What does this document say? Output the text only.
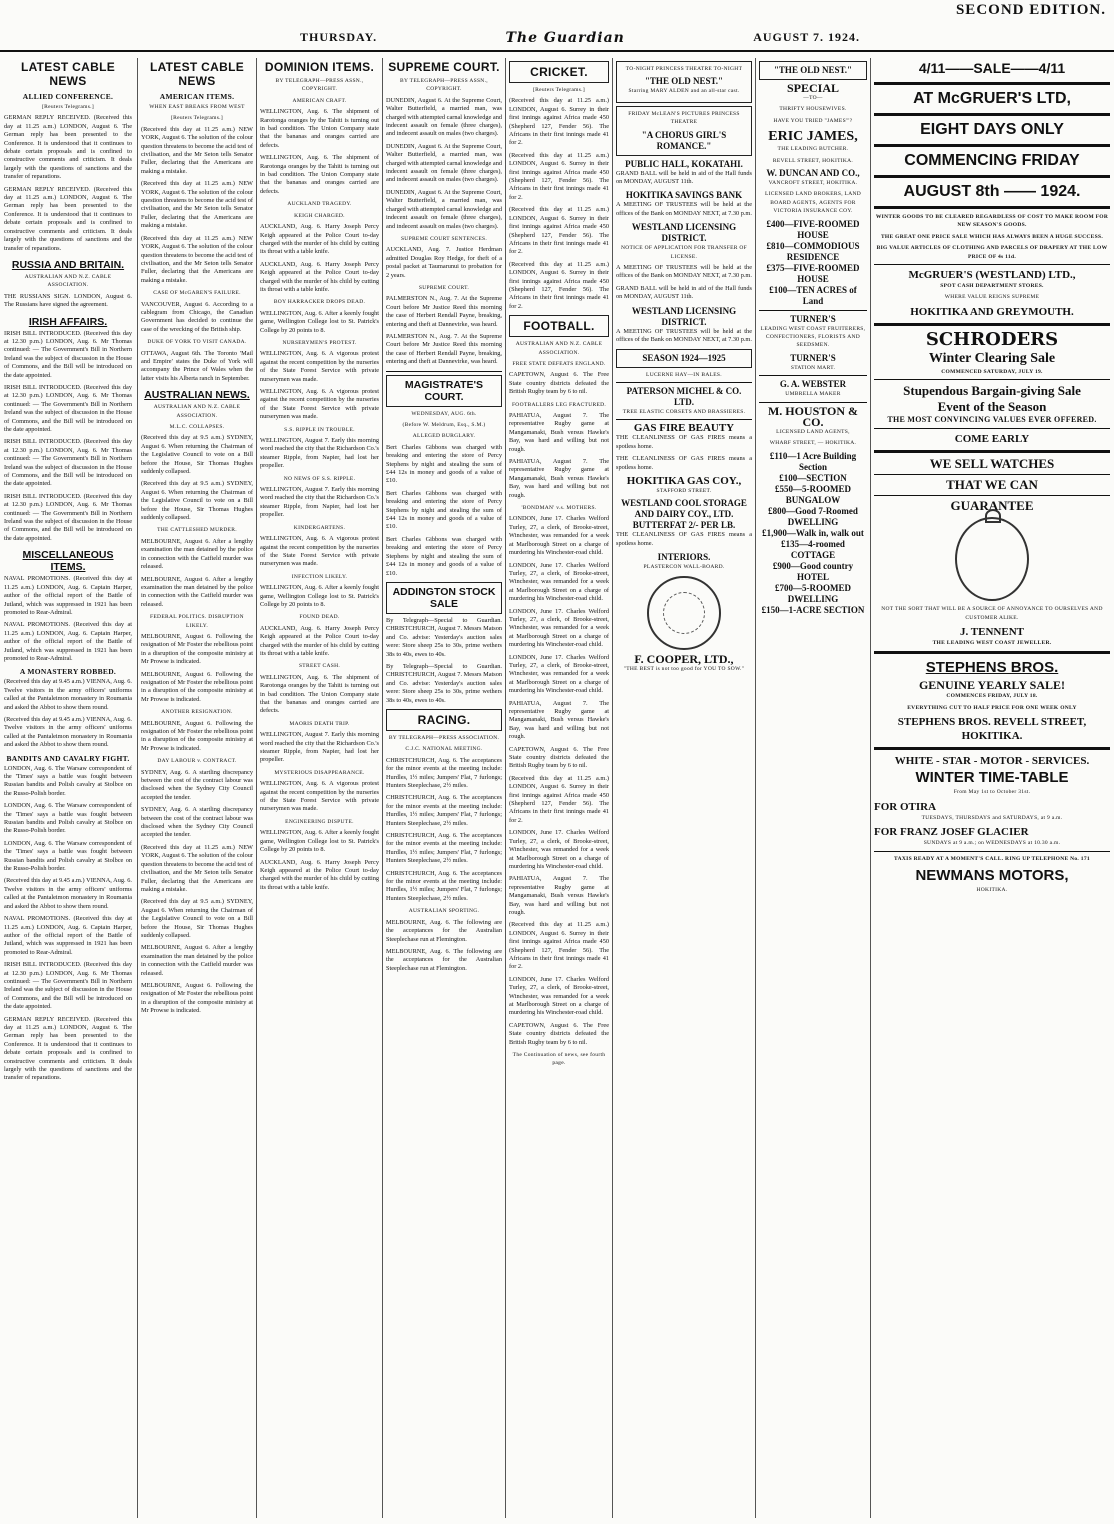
SECOND EDITION.
THURSDAY.	The Guardian	AUGUST 7. 1924.
LATEST CABLE NEWS
ALLIED CONFERENCE.
[Reuters Telegrams.]

GERMAN REPLY RECEIVED. (Received this day at 11.25 a.m.) LONDON, August 6. The German reply has been presented to the Conference. It is understood that it continues to debate certain proposals and is confined to constructive comments and criticism. It deals largely with the questions of sanctions and the transfer of reparations.

GERMAN REPLY RECEIVED. (Received this day at 11.25 a.m.) LONDON, August 6. The German reply has been presented to the Conference. It is understood that it continues to debate certain proposals and is confined to constructive comments and criticism. It deals largely with the questions of sanctions and the transfer of reparations.

RUSSIA AND BRITAIN.
AUSTRALIAN AND N.Z. CABLE ASSOCIATION.

THE RUSSIANS SIGN. LONDON, August 6. The Russians have signed the agreement.

IRISH AFFAIRS.

IRISH BILL INTRODUCED. (Received this day at 12.30 p.m.) LONDON, Aug. 6. Mr Thomas continued: — The Government's Bill in Northern Ireland was the subject of discussion in the House of Commons, and the Bill will be introduced on the date appointed.

IRISH BILL INTRODUCED. (Received this day at 12.30 p.m.) LONDON, Aug. 6. Mr Thomas continued: — The Government's Bill in Northern Ireland was the subject of discussion in the House of Commons, and the Bill will be introduced on the date appointed.

IRISH BILL INTRODUCED. (Received this day at 12.30 p.m.) LONDON, Aug. 6. Mr Thomas continued: — The Government's Bill in Northern Ireland was the subject of discussion in the House of Commons, and the Bill will be introduced on the date appointed.

IRISH BILL INTRODUCED. (Received this day at 12.30 p.m.) LONDON, Aug. 6. Mr Thomas continued: — The Government's Bill in Northern Ireland was the subject of discussion in the House of Commons, and the Bill will be introduced on the date appointed.

MISCELLANEOUS ITEMS.

NAVAL PROMOTIONS. (Received this day at 11.25 a.m.) LONDON, Aug. 6. Captain Harper, author of the official report of the Battle of Jutland, which was suppressed in 1921 has been promoted to Rear-Admiral.

NAVAL PROMOTIONS. (Received this day at 11.25 a.m.) LONDON, Aug. 6. Captain Harper, author of the official report of the Battle of Jutland, which was suppressed in 1921 has been promoted to Rear-Admiral.

A MONASTERY ROBBED.

(Received this day at 9.45 a.m.) VIENNA, Aug. 6. Twelve visitors in the army officers' uniforms called at the Pantaleimon monastery in Roumania and asked the Abbot to show them round.

(Received this day at 9.45 a.m.) VIENNA, Aug. 6. Twelve visitors in the army officers' uniforms called at the Pantaleimon monastery in Roumania and asked the Abbot to show them round.

BANDITS AND CAVALRY FIGHT.

LONDON, Aug. 6. The Warsaw correspondent of the 'Times' says a battle was fought between Russian bandits and Polish cavalry at Stolbce on the Russo-Polish border.

LONDON, Aug. 6. The Warsaw correspondent of the 'Times' says a battle was fought between Russian bandits and Polish cavalry at Stolbce on the Russo-Polish border.

LONDON, Aug. 6. The Warsaw correspondent of the 'Times' says a battle was fought between Russian bandits and Polish cavalry at Stolbce on the Russo-Polish border.

(Received this day at 9.45 a.m.) VIENNA, Aug. 6. Twelve visitors in the army officers' uniforms called at the Pantaleimon monastery in Roumania and asked the Abbot to show them round.

NAVAL PROMOTIONS. (Received this day at 11.25 a.m.) LONDON, Aug. 6. Captain Harper, author of the official report of the Battle of Jutland, which was suppressed in 1921 has been promoted to Rear-Admiral.

IRISH BILL INTRODUCED. (Received this day at 12.30 p.m.) LONDON, Aug. 6. Mr Thomas continued: — The Government's Bill in Northern Ireland was the subject of discussion in the House of Commons, and the Bill will be introduced on the date appointed.

GERMAN REPLY RECEIVED. (Received this day at 11.25 a.m.) LONDON, August 6. The German reply has been presented to the Conference. It is understood that it continues to debate certain proposals and is confined to constructive comments and criticism. It deals largely with the questions of sanctions and the transfer of reparations.

LATEST CABLE NEWS
AMERICAN ITEMS.
WHEN EAST BREAKS FROM WEST
[Reuters Telegrams.]

(Received this day at 11.25 a.m.) NEW YORK, August 6. The solution of the colour question threatens to become the acid test of civilisation, and the Mr Seton tells Senator Fuller, declaring that the Americans are making a mistake.

(Received this day at 11.25 a.m.) NEW YORK, August 6. The solution of the colour question threatens to become the acid test of civilisation, and the Mr Seton tells Senator Fuller, declaring that the Americans are making a mistake.

(Received this day at 11.25 a.m.) NEW YORK, August 6. The solution of the colour question threatens to become the acid test of civilisation, and the Mr Seton tells Senator Fuller, declaring that the Americans are making a mistake.

CASE OF McGAREN'S FAILURE.

VANCOUVER, August 6. According to a cablegram from Chicago, the Canadian Government has decided to continue the case of the wrecking of the British ship.

DUKE OF YORK TO VISIT CANADA.

OTTAWA, August 6th. The Toronto 'Mail and Empire' states the Duke of York will accompany the Prince of Wales when the latter visits his Alberta ranch in September.

AUSTRALIAN NEWS.
AUSTRALIAN AND N.Z. CABLE ASSOCIATION.
M.L.C. COLLAPSES.

(Received this day at 9.5 a.m.) SYDNEY, August 6. When returning the Chairman of the Legislative Council to vote on a Bill before the House, Sir Thomas Hughes suddenly collapsed.

(Received this day at 9.5 a.m.) SYDNEY, August 6. When returning the Chairman of the Legislative Council to vote on a Bill before the House, Sir Thomas Hughes suddenly collapsed.

THE CATTLESHED MURDER.

MELBOURNE, August 6. After a lengthy examination the man detained by the police in connection with the Catfield murder was released.

MELBOURNE, August 6. After a lengthy examination the man detained by the police in connection with the Catfield murder was released.

FEDERAL POLITICS. DISRUPTION LIKELY.

MELBOURNE, August 6. Following the resignation of Mr Foster the rebellious point in a disruption of the composite ministry at Mr Prowse is indicated.

MELBOURNE, August 6. Following the resignation of Mr Foster the rebellious point in a disruption of the composite ministry at Mr Prowse is indicated.

ANOTHER RESIGNATION.

MELBOURNE, August 6. Following the resignation of Mr Foster the rebellious point in a disruption of the composite ministry at Mr Prowse is indicated.

DAY LABOUR v. CONTRACT.

SYDNEY, Aug. 6. A startling discrepancy between the cost of the contract labour was disclosed when the Sydney City Council accepted the tender.

SYDNEY, Aug. 6. A startling discrepancy between the cost of the contract labour was disclosed when the Sydney City Council accepted the tender.

(Received this day at 11.25 a.m.) NEW YORK, August 6. The solution of the colour question threatens to become the acid test of civilisation, and the Mr Seton tells Senator Fuller, declaring that the Americans are making a mistake.

(Received this day at 9.5 a.m.) SYDNEY, August 6. When returning the Chairman of the Legislative Council to vote on a Bill before the House, Sir Thomas Hughes suddenly collapsed.

MELBOURNE, August 6. After a lengthy examination the man detained by the police in connection with the Catfield murder was released.

MELBOURNE, August 6. Following the resignation of Mr Foster the rebellious point in a disruption of the composite ministry at Mr Prowse is indicated.

DOMINION ITEMS.
BY TELEGRAPH—PRESS ASSN., COPYRIGHT.
AMERICAN CRAFT.

WELLINGTON, Aug. 6. The shipment of Rarotonga oranges by the Tahiti is turning out in bad condition. The Union Company state that the bananas and oranges carried are defects.

WELLINGTON, Aug. 6. The shipment of Rarotonga oranges by the Tahiti is turning out in bad condition. The Union Company state that the bananas and oranges carried are defects.

AUCKLAND TRAGEDY.
KEIGH CHARGED.

AUCKLAND, Aug. 6. Harry Joseph Percy Keigh appeared at the Police Court to-day charged with the murder of his child by cutting its throat with a table knife.

AUCKLAND, Aug. 6. Harry Joseph Percy Keigh appeared at the Police Court to-day charged with the murder of his child by cutting its throat with a table knife.

BOY HARRACKER DROPS DEAD.

WELLINGTON, Aug. 6. After a keenly fought game, Wellington College lost to St. Patrick's College by 20 points to 8.

NURSERYMEN'S PROTEST.

WELLINGTON, Aug. 6. A vigorous protest against the recent competition by the nurseries of the State Forest Service with private nurserymen was made.

WELLINGTON, Aug. 6. A vigorous protest against the recent competition by the nurseries of the State Forest Service with private nurserymen was made.

S.S. RIPPLE IN TROUBLE.

WELLINGTON, August 7. Early this morning word reached the city that the Richardson Co.'s steamer Ripple, from Napier, had lost her propeller.

NO NEWS OF S.S. RIPPLE.

WELLINGTON, August 7. Early this morning word reached the city that the Richardson Co.'s steamer Ripple, from Napier, had lost her propeller.

KINDERGARTENS.

WELLINGTON, Aug. 6. A vigorous protest against the recent competition by the nurseries of the State Forest Service with private nurserymen was made.

INFECTION LIKELY.

WELLINGTON, Aug. 6. After a keenly fought game, Wellington College lost to St. Patrick's College by 20 points to 8.

FOUND DEAD.

AUCKLAND, Aug. 6. Harry Joseph Percy Keigh appeared at the Police Court to-day charged with the murder of his child by cutting its throat with a table knife.

STREET CASH.

WELLINGTON, Aug. 6. The shipment of Rarotonga oranges by the Tahiti is turning out in bad condition. The Union Company state that the bananas and oranges carried are defects.

MAORIS DEATH TRIP.

WELLINGTON, August 7. Early this morning word reached the city that the Richardson Co.'s steamer Ripple, from Napier, had lost her propeller.

MYSTERIOUS DISAPPEARANCE.

WELLINGTON, Aug. 6. A vigorous protest against the recent competition by the nurseries of the State Forest Service with private nurserymen was made.

ENGINEERING DISPUTE.

WELLINGTON, Aug. 6. After a keenly fought game, Wellington College lost to St. Patrick's College by 20 points to 8.

AUCKLAND, Aug. 6. Harry Joseph Percy Keigh appeared at the Police Court to-day charged with the murder of his child by cutting its throat with a table knife.

SUPREME COURT.
BY TELEGRAPH—PRESS ASSN., COPYRIGHT.

DUNEDIN, August 6. At the Supreme Court, Walter Butterfield, a married man, was charged with attempted carnal knowledge and indecent assault on female (three charges), and indecent assault on males (two charges).

DUNEDIN, August 6. At the Supreme Court, Walter Butterfield, a married man, was charged with attempted carnal knowledge and indecent assault on female (three charges), and indecent assault on males (two charges).

DUNEDIN, August 6. At the Supreme Court, Walter Butterfield, a married man, was charged with attempted carnal knowledge and indecent assault on female (three charges), and indecent assault on males (two charges).

SUPREME COURT SENTENCES.

AUCKLAND, Aug. 7. Justice Herdman admitted Douglas Roy Hedge, for theft of a postal packet at Taumarunui to probation for 2 years.

SUPREME COURT.

PALMERSTON N., Aug. 7. At the Supreme Court before Mr Justice Reed this morning the case of Herbert Rendall Payne, breaking, entering and theft at Dannevirke, was heard.

PALMERSTON N., Aug. 7. At the Supreme Court before Mr Justice Reed this morning the case of Herbert Rendall Payne, breaking, entering and theft at Dannevirke, was heard.

MAGISTRATE'S COURT.
WEDNESDAY, AUG. 6th.
(Before W. Meldrum, Esq., S.M.)
ALLEGED BURGLARY.

Bert Charles Gibbons was charged with breaking and entering the store of Percy Stephens by night and stealing the sum of £44 12s in money and goods of a value of £10.

Bert Charles Gibbons was charged with breaking and entering the store of Percy Stephens by night and stealing the sum of £44 12s in money and goods of a value of £10.

Bert Charles Gibbons was charged with breaking and entering the store of Percy Stephens by night and stealing the sum of £44 12s in money and goods of a value of £10.

ADDINGTON STOCK SALE

By Telegraph—Special to Guardian. CHRISTCHURCH, August 7. Messrs Matson and Co. advise: Yesterday's auction sales were: Store sheep 25s to 30s, prime wethers 38s to 40s, ewes to 40s.

By Telegraph—Special to Guardian. CHRISTCHURCH, August 7. Messrs Matson and Co. advise: Yesterday's auction sales were: Store sheep 25s to 30s, prime wethers 38s to 40s, ewes to 40s.

RACING.
BY TELEGRAPH—PRESS ASSOCIATION.
C.J.C. NATIONAL MEETING.

CHRISTCHURCH, Aug. 6. The acceptances for the minor events at the meeting include: Hurdles, 1½ miles; Jumpers' Flat, 7 furlongs; Hunters Steeplechase, 2½ miles.

CHRISTCHURCH, Aug. 6. The acceptances for the minor events at the meeting include: Hurdles, 1½ miles; Jumpers' Flat, 7 furlongs; Hunters Steeplechase, 2½ miles.

CHRISTCHURCH, Aug. 6. The acceptances for the minor events at the meeting include: Hurdles, 1½ miles; Jumpers' Flat, 7 furlongs; Hunters Steeplechase, 2½ miles.

CHRISTCHURCH, Aug. 6. The acceptances for the minor events at the meeting include: Hurdles, 1½ miles; Jumpers' Flat, 7 furlongs; Hunters Steeplechase, 2½ miles.

AUSTRALIAN SPORTING.

MELBOURNE, Aug. 6. The following are the acceptances for the Australian Steeplechase run at Flemington.

MELBOURNE, Aug. 6. The following are the acceptances for the Australian Steeplechase run at Flemington.

CRICKET.
[Reuters Telegrams.]

(Received this day at 11.25 a.m.) LONDON, August 6. Surrey in their first innings against Africa made 450 (Shepherd 127, Fender 56). The Africans in their first innings made 41 for 2.

(Received this day at 11.25 a.m.) LONDON, August 6. Surrey in their first innings against Africa made 450 (Shepherd 127, Fender 56). The Africans in their first innings made 41 for 2.

(Received this day at 11.25 a.m.) LONDON, August 6. Surrey in their first innings against Africa made 450 (Shepherd 127, Fender 56). The Africans in their first innings made 41 for 2.

(Received this day at 11.25 a.m.) LONDON, August 6. Surrey in their first innings against Africa made 450 (Shepherd 127, Fender 56). The Africans in their first innings made 41 for 2.

FOOTBALL.
AUSTRALIAN AND N.Z. CABLE ASSOCIATION.
FREE STATE DEFEATS ENGLAND.

CAPETOWN, August 6. The Free State country districts defeated the British Rugby team by 6 to nil.

FOOTBALLERS LEG FRACTURED.

PAHIATUA, August 7. The representative Rugby game at Mangamanaki, Bush versus Hawke's Bay, was hard and willing but not rough.

PAHIATUA, August 7. The representative Rugby game at Mangamanaki, Bush versus Hawke's Bay, was hard and willing but not rough.

'BONDMAN' v.s. MOTHERS.

LONDON, June 17. Charles Welford Turley, 27, a clerk, of Brooke-street, Winchester, was remanded for a week at Marlborough Street on a charge of murdering his Winchester-road child.

LONDON, June 17. Charles Welford Turley, 27, a clerk, of Brooke-street, Winchester, was remanded for a week at Marlborough Street on a charge of murdering his Winchester-road child.

LONDON, June 17. Charles Welford Turley, 27, a clerk, of Brooke-street, Winchester, was remanded for a week at Marlborough Street on a charge of murdering his Winchester-road child.

LONDON, June 17. Charles Welford Turley, 27, a clerk, of Brooke-street, Winchester, was remanded for a week at Marlborough Street on a charge of murdering his Winchester-road child.

PAHIATUA, August 7. The representative Rugby game at Mangamanaki, Bush versus Hawke's Bay, was hard and willing but not rough.

CAPETOWN, August 6. The Free State country districts defeated the British Rugby team by 6 to nil.

(Received this day at 11.25 a.m.) LONDON, August 6. Surrey in their first innings against Africa made 450 (Shepherd 127, Fender 56). The Africans in their first innings made 41 for 2.

LONDON, June 17. Charles Welford Turley, 27, a clerk, of Brooke-street, Winchester, was remanded for a week at Marlborough Street on a charge of murdering his Winchester-road child.

PAHIATUA, August 7. The representative Rugby game at Mangamanaki, Bush versus Hawke's Bay, was hard and willing but not rough.

(Received this day at 11.25 a.m.) LONDON, August 6. Surrey in their first innings against Africa made 450 (Shepherd 127, Fender 56). The Africans in their first innings made 41 for 2.

LONDON, June 17. Charles Welford Turley, 27, a clerk, of Brooke-street, Winchester, was remanded for a week at Marlborough Street on a charge of murdering his Winchester-road child.

CAPETOWN, August 6. The Free State country districts defeated the British Rugby team by 6 to nil.

The Continuation of news, see fourth page.
TO-NIGHT PRINCESS THEATRE TO-NIGHT
"THE OLD NEST."
Starring MARY ALDEN and an all-star cast.
FRIDAY McLEAN'S PICTURES PRINCESS THEATRE
"A CHORUS GIRL'S ROMANCE."
PUBLIC HALL, KOKATAHI.

GRAND BALL will be held in aid of the Hall funds on MONDAY, AUGUST 11th.

HOKITIKA SAVINGS BANK

A MEETING OF TRUSTEES will be held at the offices of the Bank on MONDAY NEXT, at 7.30 p.m.

WESTLAND LICENSING DISTRICT.
NOTICE OF APPLICATION FOR TRANSFER OF LICENSE.

A MEETING OF TRUSTEES will be held at the offices of the Bank on MONDAY NEXT, at 7.30 p.m.

GRAND BALL will be held in aid of the Hall funds on MONDAY, AUGUST 11th.

WESTLAND LICENSING DISTRICT.

A MEETING OF TRUSTEES will be held at the offices of the Bank on MONDAY NEXT, at 7.30 p.m.

SEASON 1924—1925
LUCERNE HAY—IN BALES.
PATERSON MICHEL & CO. LTD.
TREE ELASTIC CORSETS AND BRASSIERES.
GAS FIRE BEAUTY

THE CLEANLINESS OF GAS FIRES means a spotless home.

THE CLEANLINESS OF GAS FIRES means a spotless home.

HOKITIKA GAS COY.,
STAFFORD STREET.
WESTLAND COOL STORAGE AND DAIRY COY., LTD.
BUTTERFAT 2/- PER LB.

THE CLEANLINESS OF GAS FIRES means a spotless home.

INTERIORS.
PLASTERCON WALL-BOARD.
F. COOPER, LTD.,
"THE BEST is not too good for YOU TO SOW."
"THE OLD NEST."
SPECIAL
—TO—
THRIFTY HOUSEWIVES.
HAVE YOU TRIED "JAMES'"?
ERIC JAMES,
THE LEADING BUTCHER.
REVELL STREET, HOKITIKA.
W. DUNCAN AND CO.,
VANCROFT STREET, HOKITIKA.
LICENSED LAND BROKERS, LAND BOARD AGENTS, AGENTS FOR VICTORIA INSURANCE COY.
£400—FIVE-ROOMED HOUSE
£810—COMMODIOUS RESIDENCE
£375—FIVE-ROOMED HOUSE
£100—TEN ACRES of Land
TURNER'S
LEADING WEST COAST FRUITERERS, CONFECTIONERS, FLORISTS AND SEEDSMEN.
TURNER'S
STATION MART.
G. A. WEBSTER
UMBRELLA MAKER
M. HOUSTON & CO.
LICENSED LAND AGENTS,
WHARF STREET, — HOKITIKA.
£110—1 Acre Building Section
£100—SECTION
£550—5-ROOMED BUNGALOW
£800—Good 7-Roomed DWELLING
£1,900—Walk in, walk out
£135—4-roomed COTTAGE
£900—Good country HOTEL
£700—5-ROOMED DWELLING
£150—1-ACRE SECTION
4/11——SALE——4/11
AT McGRUER'S LTD,
EIGHT DAYS ONLY
COMMENCING FRIDAY
AUGUST 8th —— 1924.
WINTER GOODS TO BE CLEARED REGARDLESS OF COST TO MAKE ROOM FOR NEW SEASON'S GOODS.
THE GREAT ONE PRICE SALE WHICH HAS ALWAYS BEEN A HUGE SUCCESS.
BIG VALUE ARTICLES OF CLOTHING AND PARCELS OF DRAPERY AT THE LOW PRICE OF 4s 11d.
McGRUER'S (WESTLAND) LTD.,
SPOT CASH DEPARTMENT STORES.
WHERE VALUE REIGNS SUPREME
HOKITIKA AND GREYMOUTH.
SCHRODERS
Winter Clearing Sale
COMMENCED SATURDAY, JULY 19.
Stupendous Bargain-giving Sale
Event of the Season
THE MOST CONVINCING VALUES EVER OFFERED.
COME EARLY
WE SELL WATCHES
THAT WE CAN
GUARANTEE
NOT THE SORT THAT WILL BE A SOURCE OF ANNOYANCE TO OURSELVES AND CUSTOMER ALIKE.
J. TENNENT
THE LEADING WEST COAST JEWELLER.
STEPHENS BROS.
GENUINE YEARLY SALE!
COMMENCES FRIDAY, JULY 18.
EVERYTHING CUT TO HALF PRICE FOR ONE WEEK ONLY
STEPHENS BROS. REVELL STREET, HOKITIKA.
WHITE - STAR - MOTOR - SERVICES.
WINTER TIME-TABLE
From May 1st to October 31st.
FOR OTIRA
TUESDAYS, THURSDAYS and SATURDAYS, at 9 a.m.
FOR FRANZ JOSEF GLACIER
SUNDAYS at 9 a.m.; on WEDNESDAYS at 10.30 a.m.
TAXIS READY AT A MOMENT'S CALL. RING UP TELEPHONE No. 171
NEWMANS MOTORS,
HOKITIKA.
